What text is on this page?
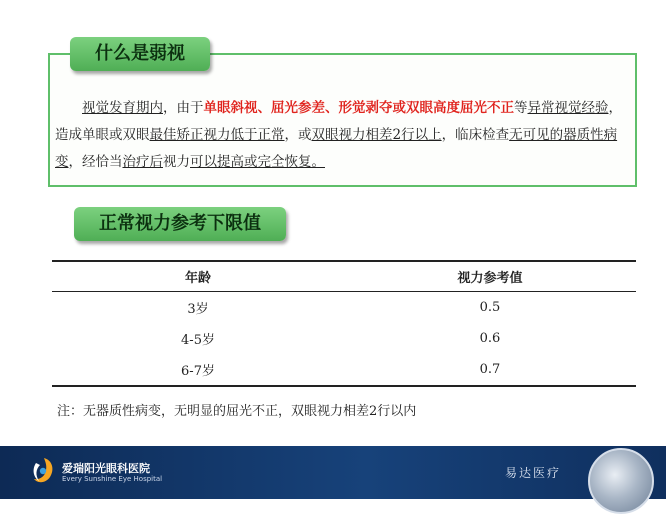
什么是弱视

视觉发育期内，由于单眼斜视、屈光参差、形觉剥夺或双眼高度屈光不正等异常视觉经验，造成单眼或双眼最佳矫正视力低于正常，或双眼视力相差2行以上，临床检查无可见的器质性病变，经恰当治疗后视力可以提高或完全恢复。

正常视力参考下限值
年龄	视力参考值
3岁	0.5
4-5岁	0.6
6-7岁	0.7
注：无器质性病变，无明显的屈光不正，双眼视力相差2行以内
爱瑞阳光眼科医院
Every Sunshine Eye Hospital	易达医疗
